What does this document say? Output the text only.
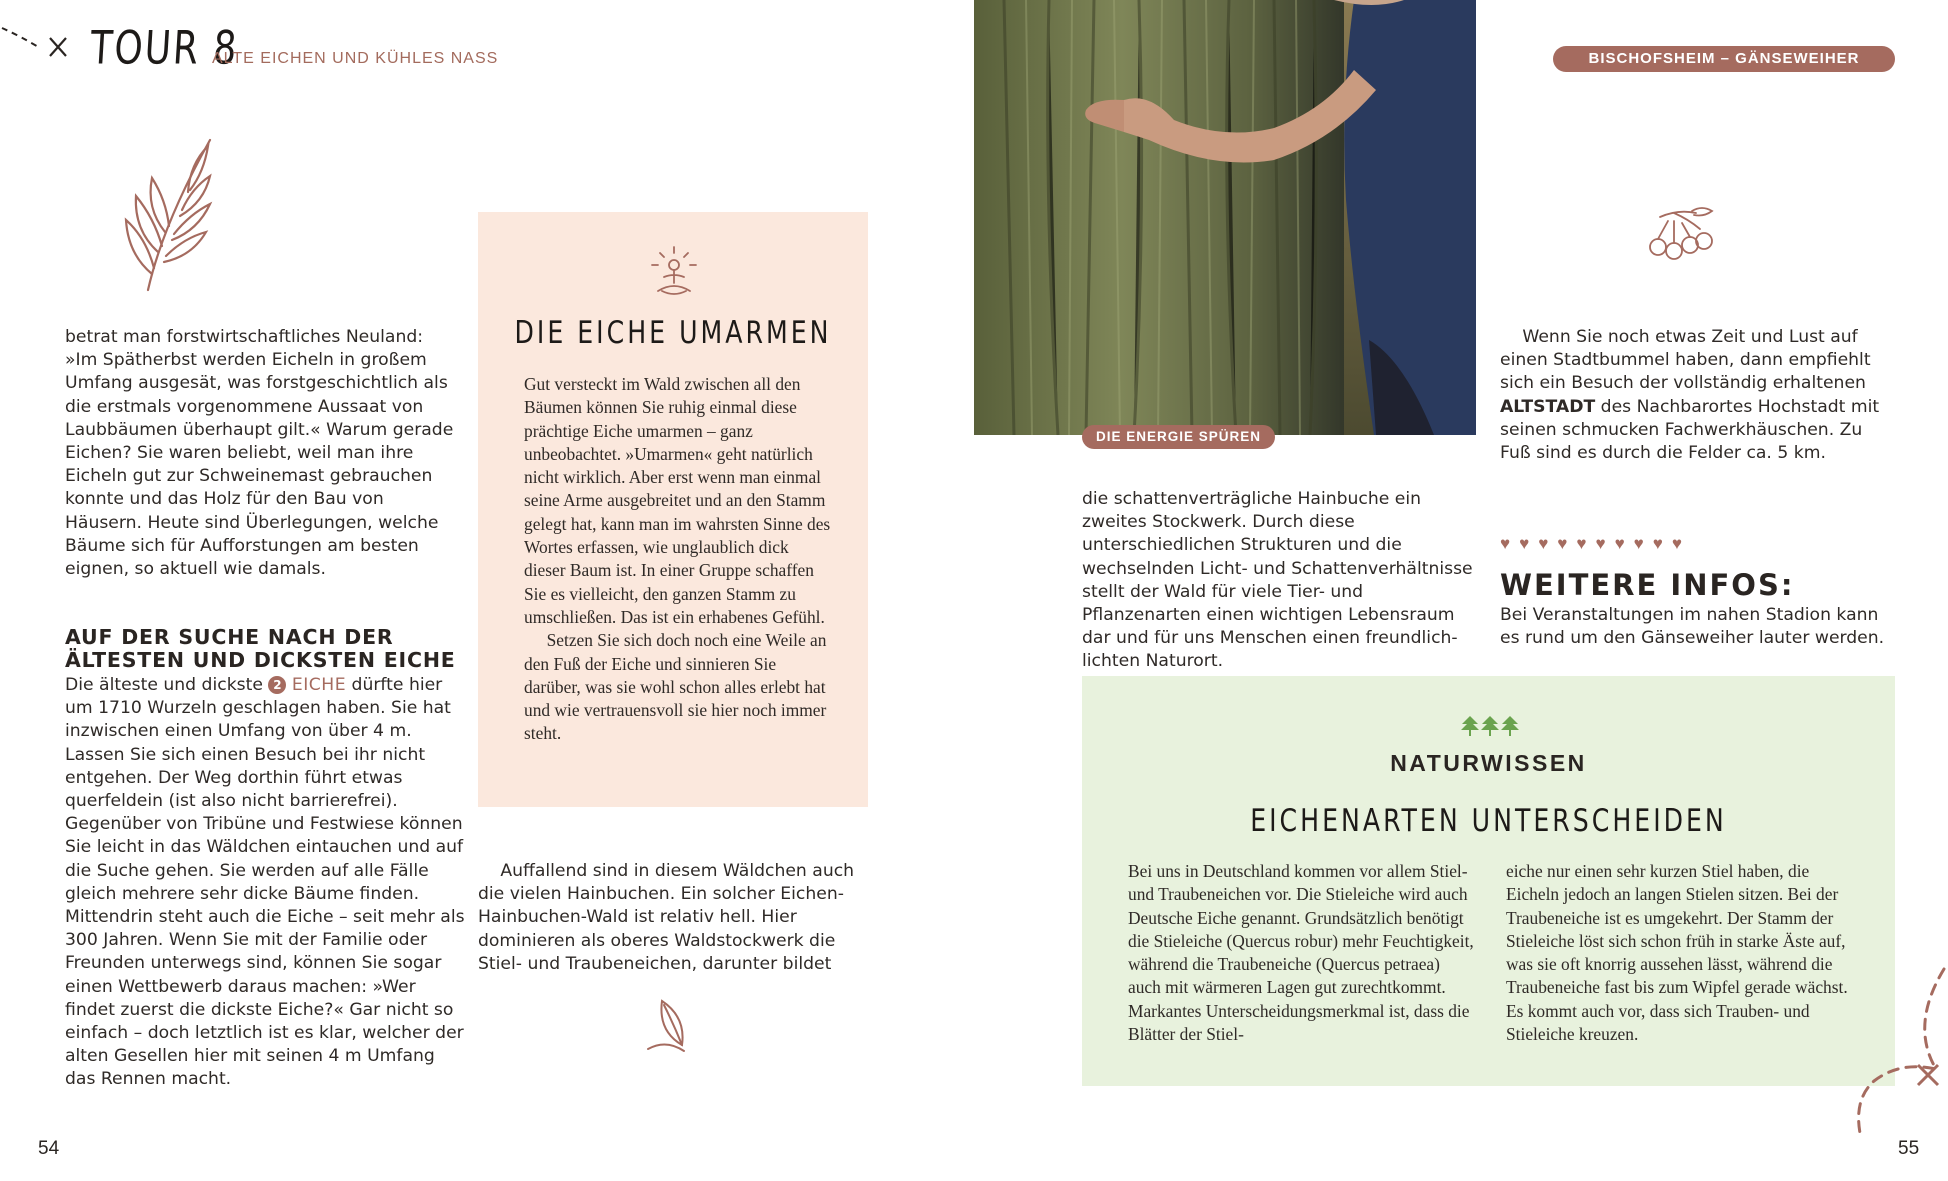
TOUR 8
ALTE EICHEN UND KÜHLES NASS	BISCHOFSHEIM – GÄNSEWEIHER

betrat man forstwirtschaftliches Neuland: »Im Spätherbst werden Eicheln in großem Umfang ausgesät, was forstgeschichtlich als die erstmals vorgenommene Aussaat von Laubbäumen überhaupt gilt.« Warum gerade Eichen? Sie waren beliebt, weil man ihre Eicheln gut zur Schweinemast gebrauchen konnte und das Holz für den Bau von Häusern. Heute sind Überlegungen, welche Bäume sich für Aufforstungen am besten eignen, so aktuell wie damals.

AUF DER SUCHE NACH DER ÄLTESTEN UND DICKSTEN EICHE

Die älteste und dickste 2 EICHE dürfte hier um 1710 Wurzeln geschlagen haben. Sie hat inzwischen einen Umfang von über 4 m. Lassen Sie sich einen Besuch bei ihr nicht entgehen. Der Weg dorthin führt etwas querfeldein (ist also nicht barrierefrei). Gegenüber von Tribüne und Festwiese können Sie leicht in das Wäldchen eintauchen und auf die Suche gehen. Sie werden auf alle Fälle gleich mehrere sehr dicke Bäume finden. Mittendrin steht auch die Eiche – seit mehr als 300 Jahren. Wenn Sie mit der Familie oder Freunden unterwegs sind, können Sie sogar einen Wettbewerb daraus machen: »Wer findet zuerst die dickste Eiche?« Gar nicht so einfach – doch letztlich ist es klar, welcher der alten Gesellen hier mit seinen 4 m Umfang das Rennen macht.

DIE EICHE UMARMEN

Gut versteckt im Wald zwischen all den Bäumen können Sie ruhig einmal diese prächtige Eiche umarmen – ganz unbeobachtet. »Umarmen« geht natürlich nicht wirklich. Aber erst wenn man einmal seine Arme ausgebreitet und an den Stamm gelegt hat, kann man im wahrsten Sinne des Wortes erfassen, wie unglaublich dick dieser Baum ist. In einer Gruppe schaffen Sie es vielleicht, den ganzen Stamm zu umschließen. Das ist ein erhabenes Gefühl.

Setzen Sie sich doch noch eine Weile an den Fuß der Eiche und sinnieren Sie darüber, was sie wohl schon alles erlebt hat und wie vertrauensvoll sie hier noch immer steht.

Auffallend sind in diesem Wäldchen auch die vielen Hainbuchen. Ein solcher Eichen-Hainbuchen-Wald ist relativ hell. Hier dominieren als oberes Waldstockwerk die Stiel- und Traubeneichen, darunter bildet

DIE ENERGIE SPÜREN

die schattenverträgliche Hainbuche ein zweites Stockwerk. Durch diese unterschiedlichen Strukturen und die wechselnden Licht- und Schattenverhältnisse stellt der Wald für viele Tier- und Pflanzenarten einen wichtigen Lebensraum dar und für uns Menschen einen freundlich-lichten Naturort.

Wenn Sie noch etwas Zeit und Lust auf einen Stadtbummel haben, dann empfiehlt sich ein Besuch der vollständig erhaltenen ALTSTADT des Nachbarortes Hochstadt mit seinen schmucken Fachwerkhäuschen. Zu Fuß sind es durch die Felder ca. 5 km.

♥♥♥♥♥♥♥♥♥♥
WEITERE INFOS:

Bei Veranstaltungen im nahen Stadion kann es rund um den Gänseweiher lauter werden.

NATURWISSEN
EICHENARTEN UNTERSCHEIDEN

Bei uns in Deutschland kommen vor allem Stiel- und Traubeneichen vor. Die Stieleiche wird auch Deutsche Eiche genannt. Grundsätzlich benötigt die Stieleiche (Quercus robur) mehr Feuchtigkeit, während die Traubeneiche (Quercus petraea) auch mit wärmeren Lagen gut zurechtkommt. Markantes Unterscheidungsmerkmal ist, dass die Blätter der Stiel-

eiche nur einen sehr kurzen Stiel haben, die Eicheln jedoch an langen Stielen sitzen. Bei der Traubeneiche ist es umgekehrt. Der Stamm der Stieleiche löst sich schon früh in starke Äste auf, was sie oft knorrig aussehen lässt, während die Traubeneiche fast bis zum Wipfel gerade wächst. Es kommt auch vor, dass sich Trauben- und Stieleiche kreuzen.

54	55
